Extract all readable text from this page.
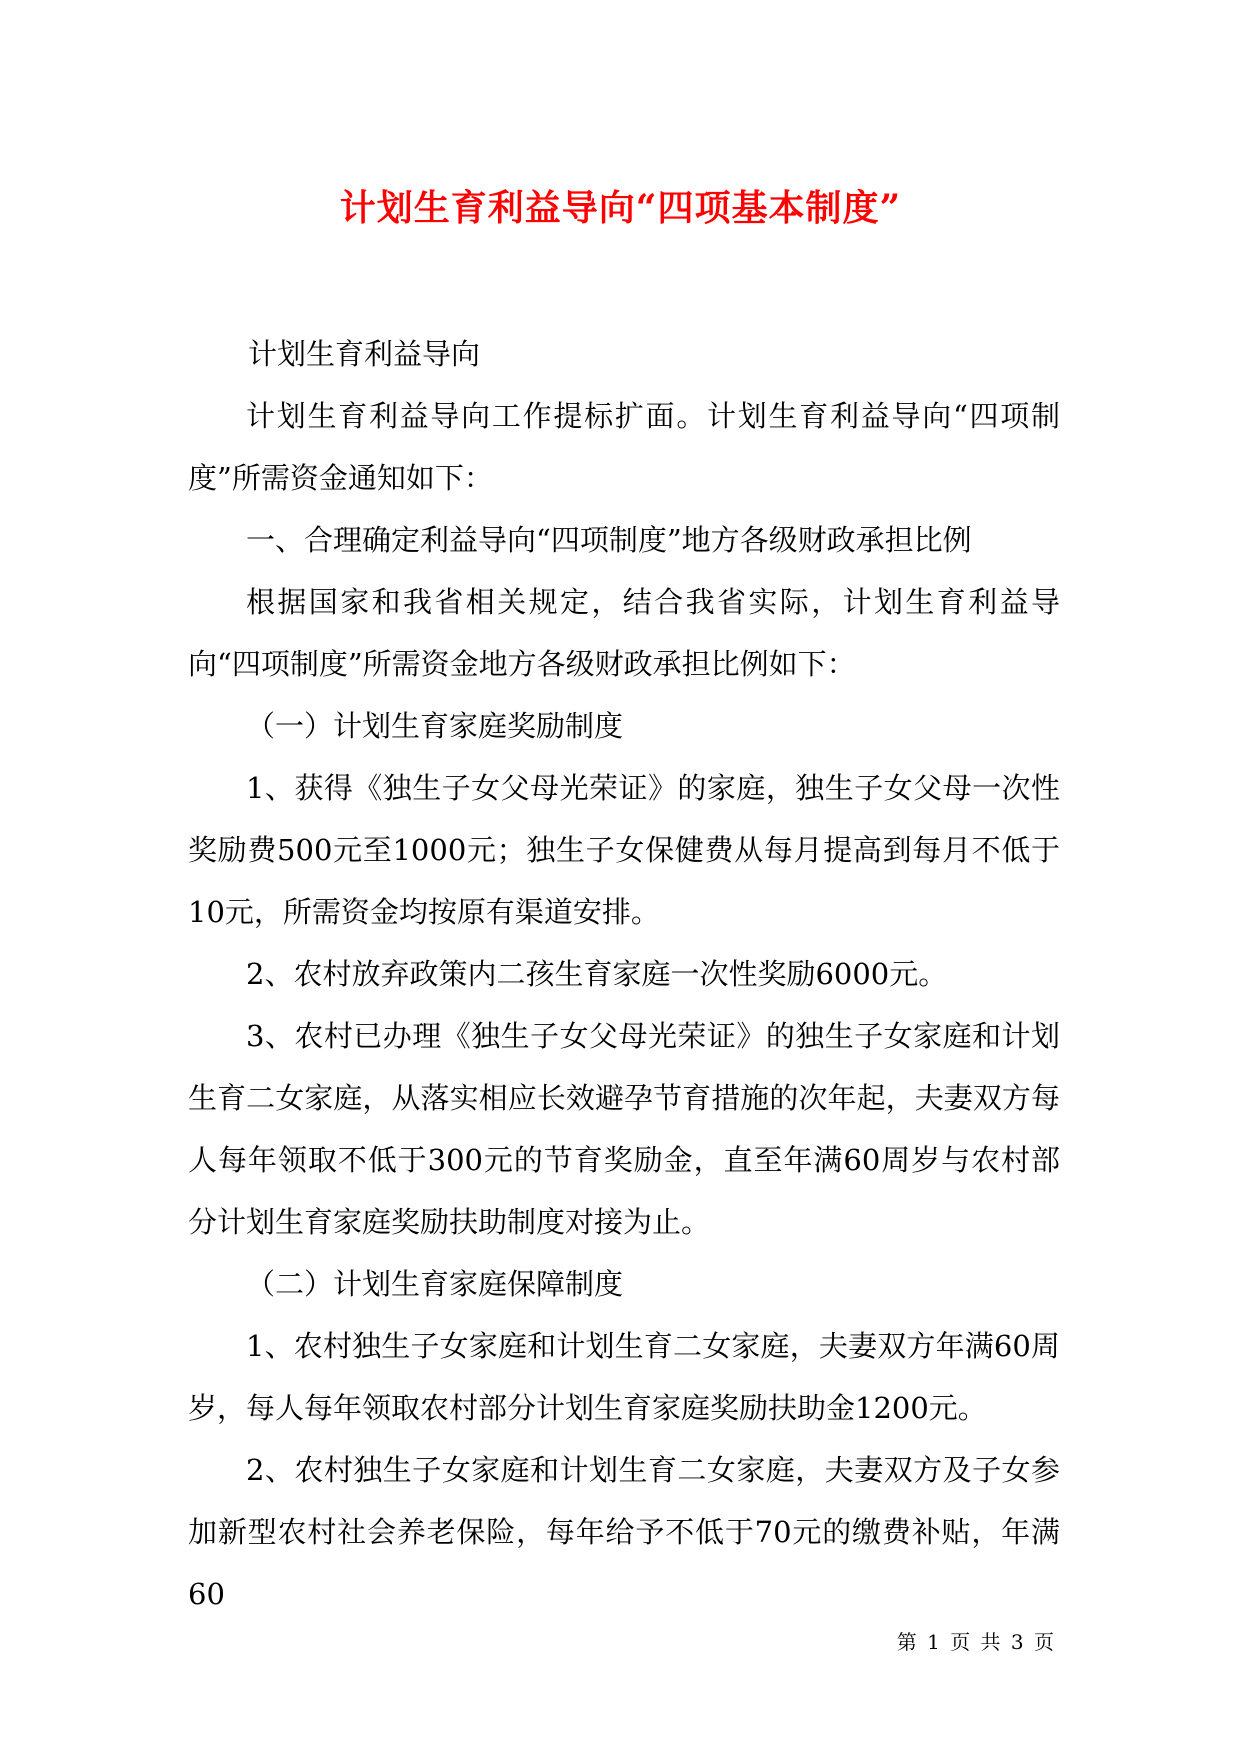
计划生育利益导向“四项基本制度”

计划生育利益导向

计划生育利益导向工作提标扩面。计划生育利益导向“四项制度”所需资金通知如下：

一、合理确定利益导向“四项制度”地方各级财政承担比例

根据国家和我省相关规定，结合我省实际，计划生育利益导向“四项制度”所需资金地方各级财政承担比例如下：

（一）计划生育家庭奖励制度

1、获得《独生子女父母光荣证》的家庭，独生子女父母一次性奖励费500元至1000元；独生子女保健费从每月提高到每月不低于10元，所需资金均按原有渠道安排。

2、农村放弃政策内二孩生育家庭一次性奖励6000元。

3、农村已办理《独生子女父母光荣证》的独生子女家庭和计划生育二女家庭，从落实相应长效避孕节育措施的次年起，夫妻双方每人每年领取不低于300元的节育奖励金，直至年满60周岁与农村部分计划生育家庭奖励扶助制度对接为止。

（二）计划生育家庭保障制度

1、农村独生子女家庭和计划生育二女家庭，夫妻双方年满60周岁，每人每年领取农村部分计划生育家庭奖励扶助金1200元。

2、农村独生子女家庭和计划生育二女家庭，夫妻双方及子女参加新型农村社会养老保险，每年给予不低于70元的缴费补贴，年满60

第 1 页 共 3 页
